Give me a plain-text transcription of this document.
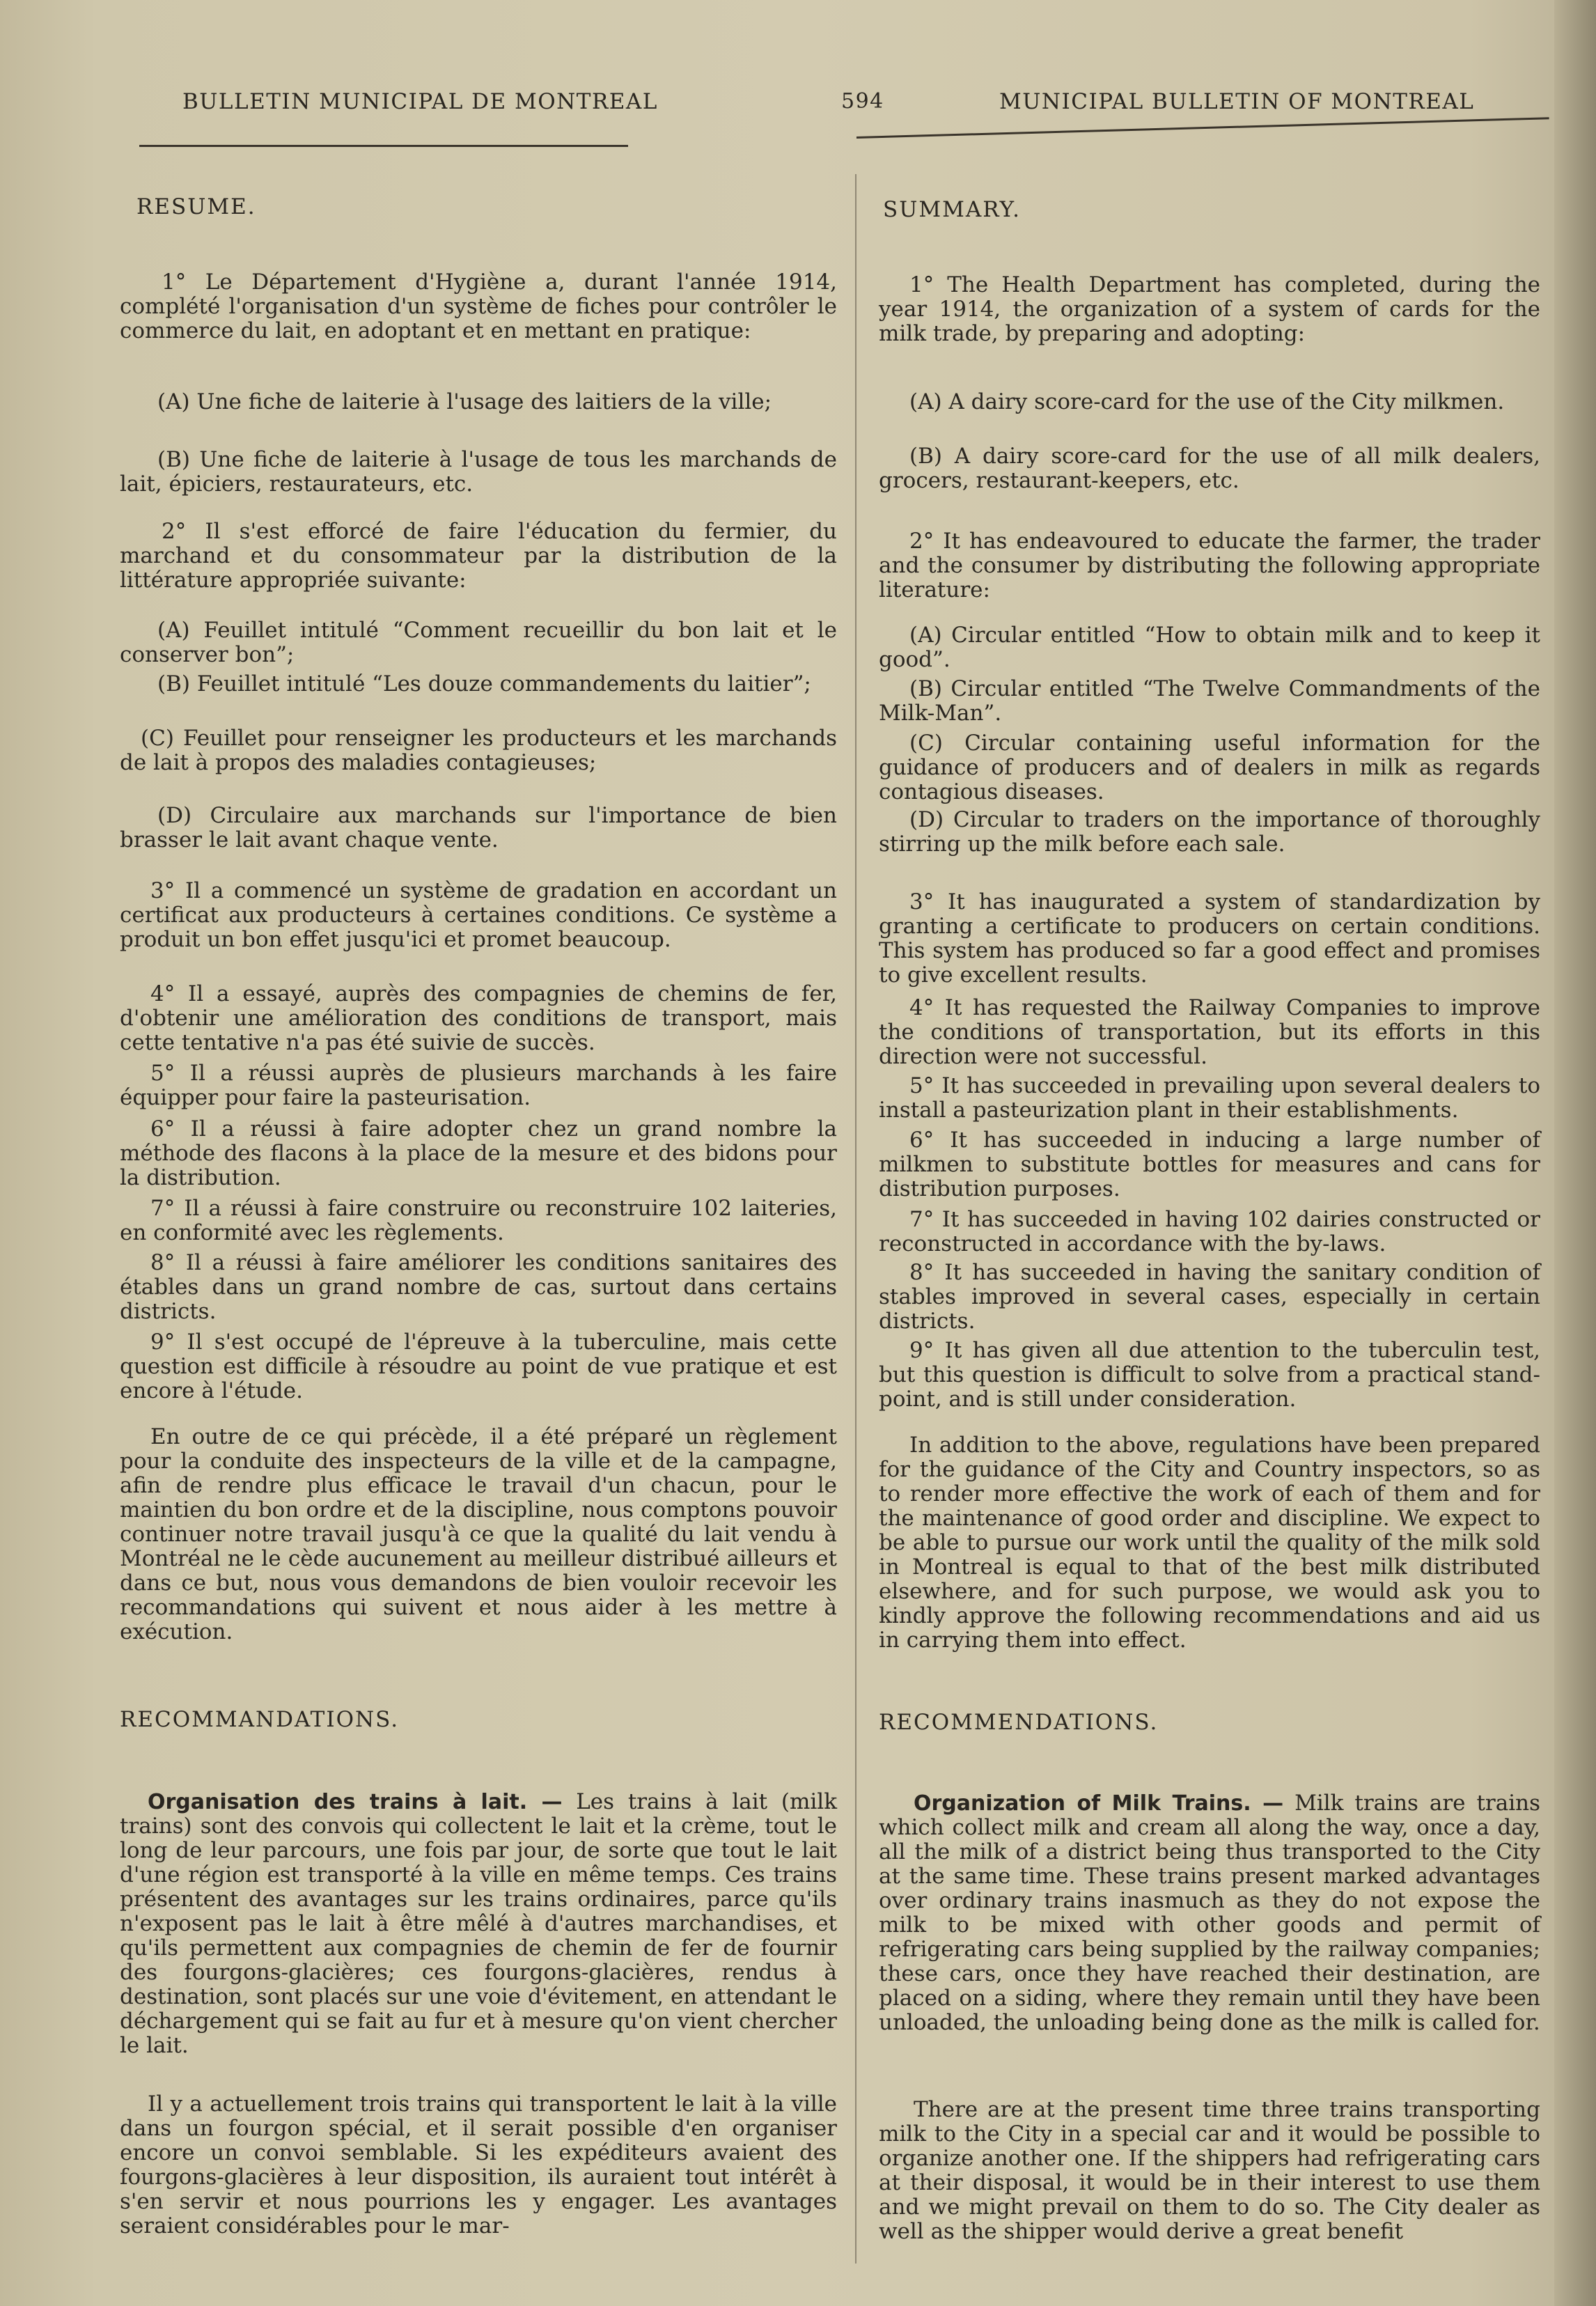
BULLETIN MUNICIPAL DE MONTREAL	594	MUNICIPAL BULLETIN OF MONTREAL

RESUME.

1° Le Département d'Hygiène a, durant l'année 1914, complété l'organisation d'un système de fiches pour contrôler le commerce du lait, en adoptant et en mettant en pratique:

(A) Une fiche de laiterie à l'usage des laitiers de la ville;

(B) Une fiche de laiterie à l'usage de tous les marchands de lait, épiciers, restaurateurs, etc.

2° Il s'est efforcé de faire l'éducation du fermier, du marchand et du consommateur par la distribution de la littérature appropriée suivante:

(A) Feuillet intitulé “Comment recueillir du bon lait et le conserver bon”;

(B) Feuillet intitulé “Les douze commandements du laitier”;

(C) Feuillet pour renseigner les producteurs et les marchands de lait à propos des maladies contagieuses;

(D) Circulaire aux marchands sur l'importance de bien brasser le lait avant chaque vente.

3° Il a commencé un système de gradation en accordant un certificat aux producteurs à certaines conditions. Ce système a produit un bon effet jusqu'ici et promet beaucoup.

4° Il a essayé, auprès des compagnies de chemins de fer, d'obtenir une amélioration des conditions de transport, mais cette tentative n'a pas été suivie de succès.

5° Il a réussi auprès de plusieurs marchands à les faire équipper pour faire la pasteurisation.

6° Il a réussi à faire adopter chez un grand nombre la méthode des flacons à la place de la mesure et des bidons pour la distribution.

7° Il a réussi à faire construire ou reconstruire 102 laiteries, en conformité avec les règlements.

8° Il a réussi à faire améliorer les conditions sanitaires des étables dans un grand nombre de cas, surtout dans certains districts.

9° Il s'est occupé de l'épreuve à la tuberculine, mais cette question est difficile à résoudre au point de vue pratique et est encore à l'étude.

En outre de ce qui précède, il a été préparé un règlement pour la conduite des inspecteurs de la ville et de la campagne, afin de rendre plus efficace le travail d'un chacun, pour le maintien du bon ordre et de la discipline, nous comptons pouvoir continuer notre travail jusqu'à ce que la qualité du lait vendu à Montréal ne le cède aucunement au meilleur distribué ailleurs et dans ce but, nous vous demandons de bien vouloir recevoir les recommandations qui suivent et nous aider à les mettre à exécution.

RECOMMANDATIONS.

Organisation des trains à lait. — Les trains à lait (milk trains) sont des convois qui collectent le lait et la crème, tout le long de leur parcours, une fois par jour, de sorte que tout le lait d'une région est transporté à la ville en même temps. Ces trains présentent des avantages sur les trains ordinaires, parce qu'ils n'exposent pas le lait à être mêlé à d'autres marchandises, et qu'ils permettent aux compagnies de chemin de fer de fournir des fourgons-glacières; ces fourgons-glacières, rendus à destination, sont placés sur une voie d'évitement, en attendant le déchargement qui se fait au fur et à mesure qu'on vient chercher le lait.

Il y a actuellement trois trains qui transportent le lait à la ville dans un fourgon spécial, et il serait possible d'en organiser encore un convoi semblable. Si les expéditeurs avaient des fourgons-glacières à leur disposition, ils auraient tout intérêt à s'en servir et nous pourrions les y engager. Les avantages seraient considérables pour le mar-

SUMMARY.

1° The Health Department has completed, during the year 1914, the organization of a system of cards for the milk trade, by preparing and adopting:

(A) A dairy score-card for the use of the City milkmen.

(B) A dairy score-card for the use of all milk dealers, grocers, restaurant-keepers, etc.

2° It has endeavoured to educate the farmer, the trader and the consumer by distributing the following appropriate literature:

(A) Circular entitled “How to obtain milk and to keep it good”.

(B) Circular entitled “The Twelve Commandments of the Milk-Man”.

(C) Circular containing useful information for the guidance of producers and of dealers in milk as regards contagious diseases.

(D) Circular to traders on the importance of thoroughly stirring up the milk before each sale.

3° It has inaugurated a system of standardization by granting a certificate to producers on certain conditions. This system has produced so far a good effect and promises to give excellent results.

4° It has requested the Railway Companies to improve the conditions of transportation, but its efforts in this direction were not successful.

5° It has succeeded in prevailing upon several dealers to install a pasteurization plant in their establishments.

6° It has succeeded in inducing a large number of milkmen to substitute bottles for measures and cans for distribution purposes.

7° It has succeeded in having 102 dairies constructed or reconstructed in accordance with the by-laws.

8° It has succeeded in having the sanitary condition of stables improved in several cases, especially in certain districts.

9° It has given all due attention to the tuberculin test, but this question is difficult to solve from a practical stand-point, and is still under consideration.

In addition to the above, regulations have been prepared for the guidance of the City and Country inspectors, so as to render more effective the work of each of them and for the maintenance of good order and discipline. We expect to be able to pursue our work until the quality of the milk sold in Montreal is equal to that of the best milk distributed elsewhere, and for such purpose, we would ask you to kindly approve the following recommendations and aid us in carrying them into effect.

RECOMMENDATIONS.

Organization of Milk Trains. — Milk trains are trains which collect milk and cream all along the way, once a day, all the milk of a district being thus transported to the City at the same time. These trains present marked advantages over ordinary trains inasmuch as they do not expose the milk to be mixed with other goods and permit of refrigerating cars being supplied by the railway companies; these cars, once they have reached their destination, are placed on a siding, where they remain until they have been unloaded, the unloading being done as the milk is called for.

There are at the present time three trains transporting milk to the City in a special car and it would be possible to organize another one. If the shippers had refrigerating cars at their disposal, it would be in their interest to use them and we might prevail on them to do so. The City dealer as well as the shipper would derive a great benefit
